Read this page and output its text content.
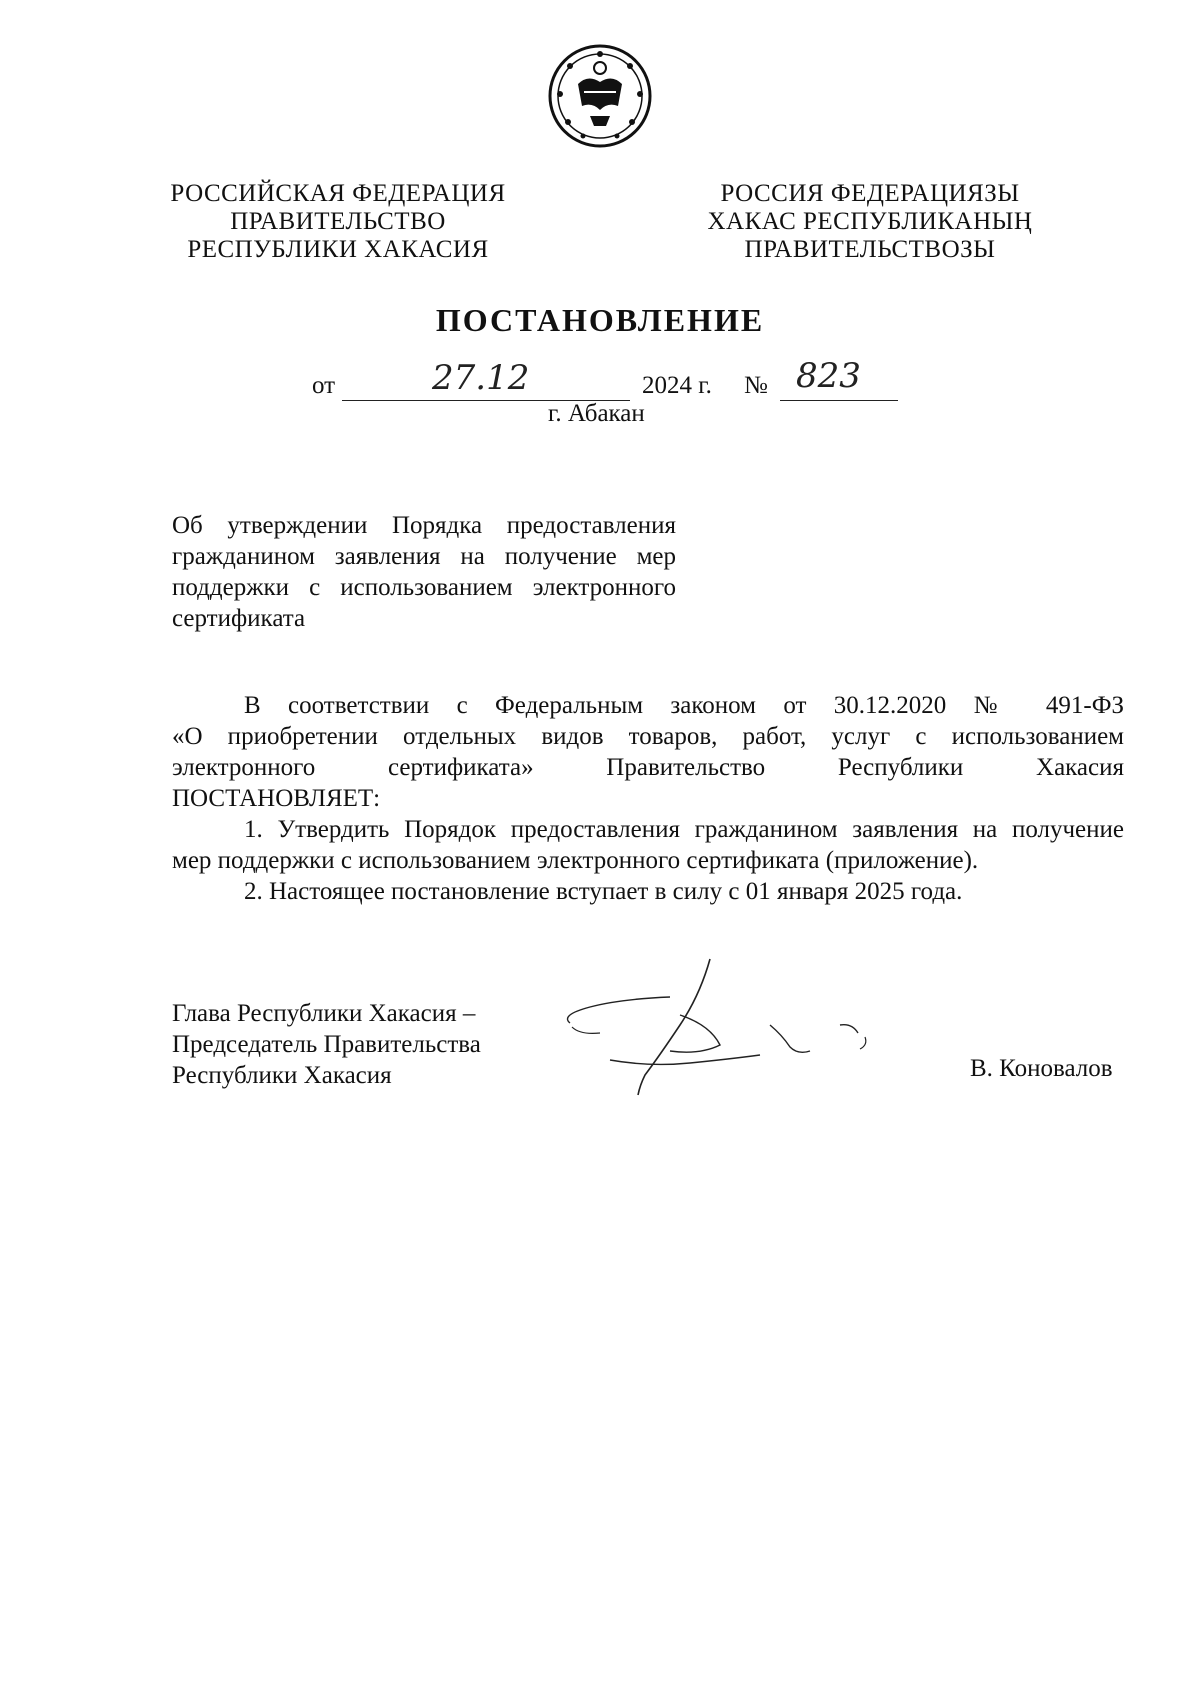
РОССИЙСКАЯ ФЕДЕРАЦИЯ
ПРАВИТЕЛЬСТВО
РЕСПУБЛИКИ ХАКАСИЯ
РОССИЯ ФЕДЕРАЦИЯЗЫ
ХАКАС РЕСПУБЛИКАНЫҢ
ПРАВИТЕЛЬСТВОЗЫ
ПОСТАНОВЛЕНИЕ
от	27.12	2024 г. № 823
г. Абакан
Об утверждении Порядка предоставления
гражданином заявления на получение мер
поддержки с использованием электронного
сертификата
В соответствии с Федеральным законом от 30.12.2020 № 491-ФЗ
«О приобретении отдельных видов товаров, работ, услуг с использованием
электронного сертификата» Правительство Республики Хакасия
ПОСТАНОВЛЯЕТ:
1. Утвердить Порядок предоставления гражданином заявления на получение
мер поддержки с использованием электронного сертификата (приложение).
2. Настоящее постановление вступает в силу с 01 января 2025 года.
Глава Республики Хакасия –
Председатель Правительства
Республики Хакасия	В. Коновалов
